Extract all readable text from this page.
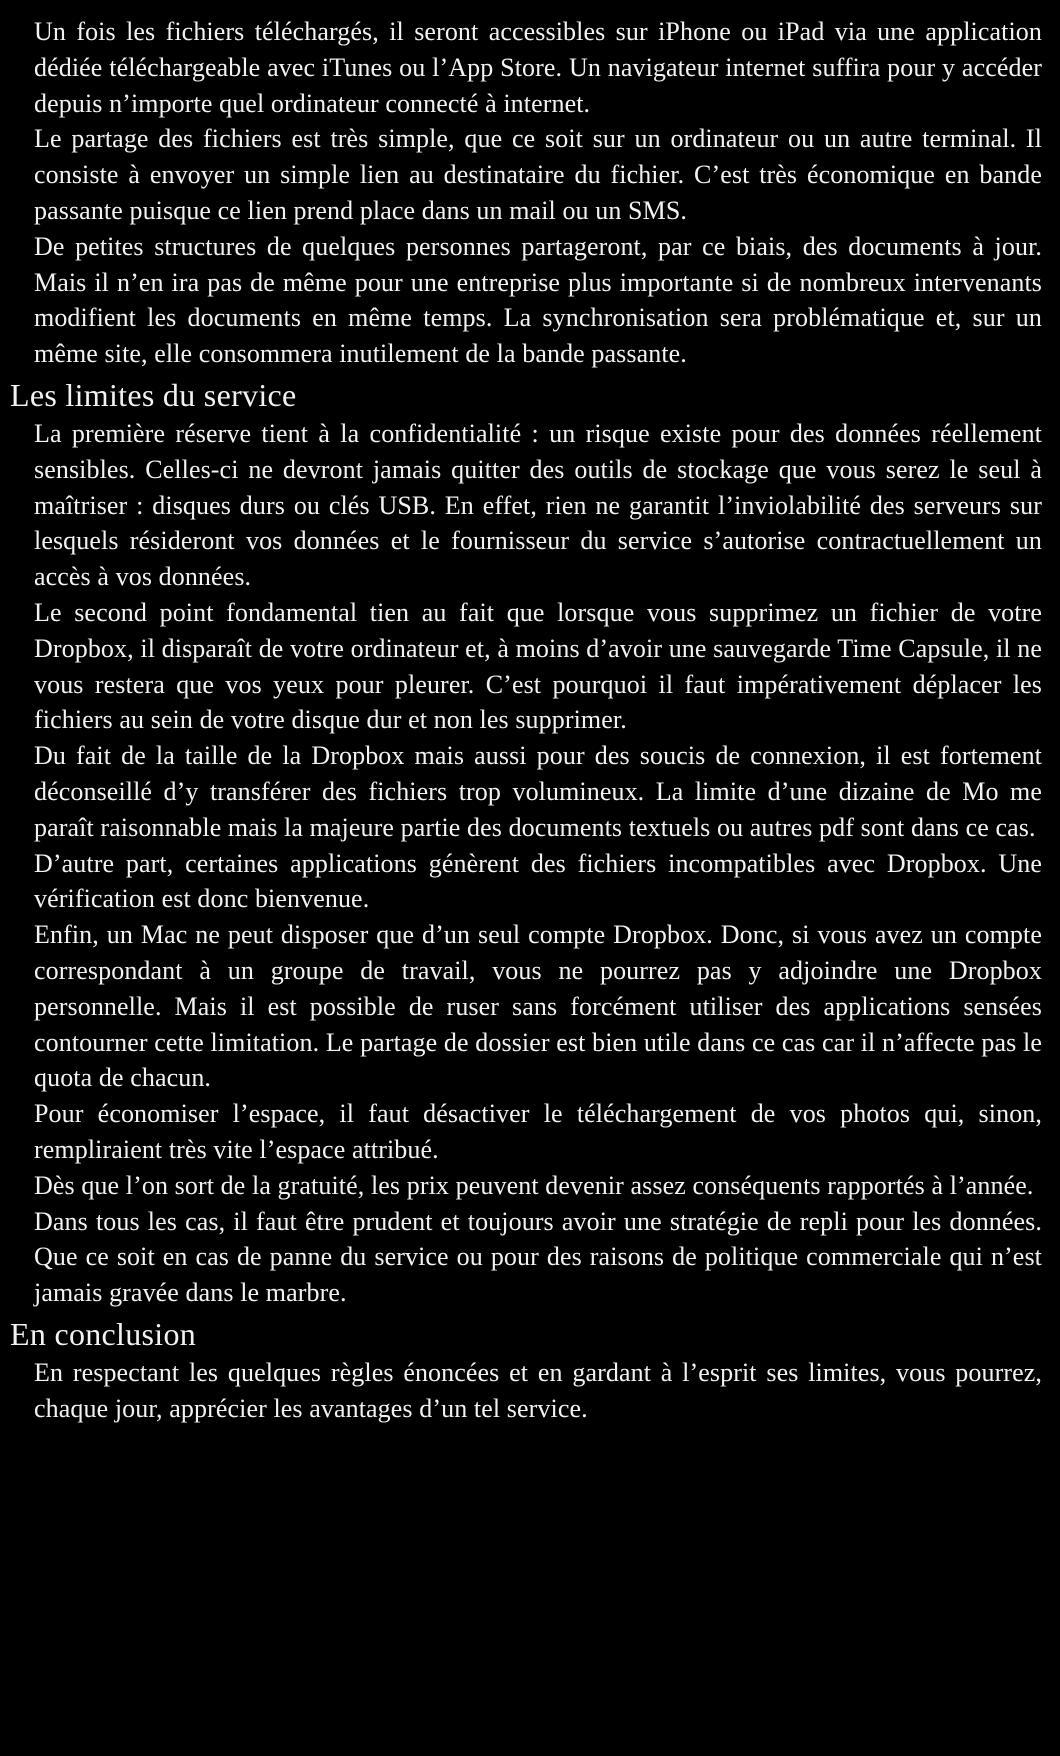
Un fois les fichiers téléchargés, il seront accessibles sur iPhone ou iPad via une application dédiée téléchargeable avec iTunes ou l’App Store. Un navigateur internet suffira pour y accéder depuis n’importe quel ordinateur connecté à internet.

Le partage des fichiers est très simple, que ce soit sur un ordinateur ou un autre terminal. Il consiste à envoyer un simple lien au destinataire du fichier. C’est très économique en bande passante puisque ce lien prend place dans un mail ou un SMS.

De petites structures de quelques personnes partageront, par ce biais, des documents à jour. Mais il n’en ira pas de même pour une entreprise plus importante si de nombreux intervenants modifient les documents en même temps. La synchronisation sera problématique et, sur un même site, elle consommera inutilement de la bande passante.

Les limites du service

La première réserve tient à la confidentialité : un risque existe pour des données réellement sensibles. Celles-ci ne devront jamais quitter des outils de stockage que vous serez le seul à maîtriser : disques durs ou clés USB. En effet, rien ne garantit l’inviolabilité des serveurs sur lesquels résideront vos données et le fournisseur du service s’autorise contractuellement un accès à vos données.

Le second point fondamental tien au fait que lorsque vous supprimez un fichier de votre Dropbox, il disparaît de votre ordinateur et, à moins d’avoir une sauvegarde Time Capsule, il ne vous restera que vos yeux pour pleurer. C’est pourquoi il faut impérativement déplacer les fichiers au sein de votre disque dur et non les supprimer.

Du fait de la taille de la Dropbox mais aussi pour des soucis de connexion, il est fortement déconseillé d’y transférer des fichiers trop volumineux. La limite d’une dizaine de Mo me paraît raisonnable mais la majeure partie des documents textuels ou autres pdf sont dans ce cas.

D’autre part, certaines applications génèrent des fichiers incompatibles avec Dropbox. Une vérification est donc bienvenue.

Enfin, un Mac ne peut disposer que d’un seul compte Dropbox. Donc, si vous avez un compte correspondant à un groupe de travail, vous ne pourrez pas y adjoindre une Dropbox personnelle. Mais il est possible de ruser sans forcément utiliser des applications sensées contourner cette limitation. Le partage de dossier est bien utile dans ce cas car il n’affecte pas le quota de chacun.

Pour économiser l’espace, il faut désactiver le téléchargement de vos photos qui, sinon, rempliraient très vite l’espace attribué.

Dès que l’on sort de la gratuité, les prix peuvent devenir assez conséquents rapportés à l’année.

Dans tous les cas, il faut être prudent et toujours avoir une stratégie de repli pour les données. Que ce soit en cas de panne du service ou pour des raisons de politique commerciale qui n’est jamais gravée dans le marbre.

En conclusion

En respectant les quelques règles énoncées et en gardant à l’esprit ses limites, vous pourrez, chaque jour, apprécier les avantages d’un tel service.
